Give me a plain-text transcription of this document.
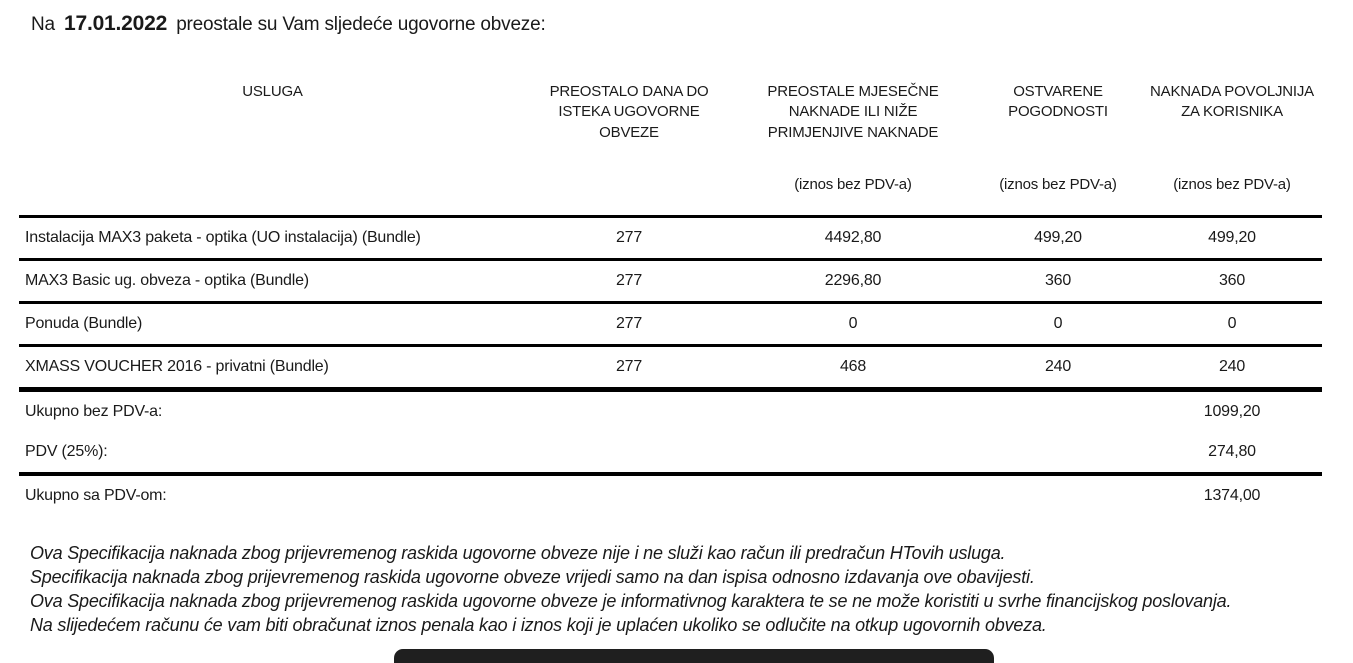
Na 17.01.2022 preostale su Vam sljedeće ugovorne obveze:
USLUGA	PREOSTALO DANA DO ISTEKA UGOVORNE OBVEZE	PREOSTALE MJESEČNE NAKNADE ILI NIŽE PRIMJENJIVE NAKNADE	OSTVARENE POGODNOSTI	NAKNADA POVOLJNIJA ZA KORISNIKA
		(iznos bez PDV-a)	(iznos bez PDV-a)	(iznos bez PDV-a)
Instalacija MAX3 paketa - optika (UO instalacija) (Bundle)	277	4492,80	499,20	499,20
MAX3 Basic ug. obveza - optika (Bundle)	277	2296,80	360	360
Ponuda (Bundle)	277	0	0	0
XMASS VOUCHER 2016 - privatni (Bundle)	277	468	240	240
Ukupno bez PDV-a:				1099,20
PDV (25%):				274,80
Ukupno sa PDV-om:				1374,00

Ova Specifikacija naknada zbog prijevremenog raskida ugovorne obveze nije i ne služi kao račun ili predračun HTovih usluga.

Specifikacija naknada zbog prijevremenog raskida ugovorne obveze vrijedi samo na dan ispisa odnosno izdavanja ove obavijesti.

Ova Specifikacija naknada zbog prijevremenog raskida ugovorne obveze je informativnog karaktera te se ne može koristiti u svrhe financijskog poslovanja.

Na slijedećem računu će vam biti obračunat iznos penala kao i iznos koji je uplaćen ukoliko se odlučite na otkup ugovornih obveza.
